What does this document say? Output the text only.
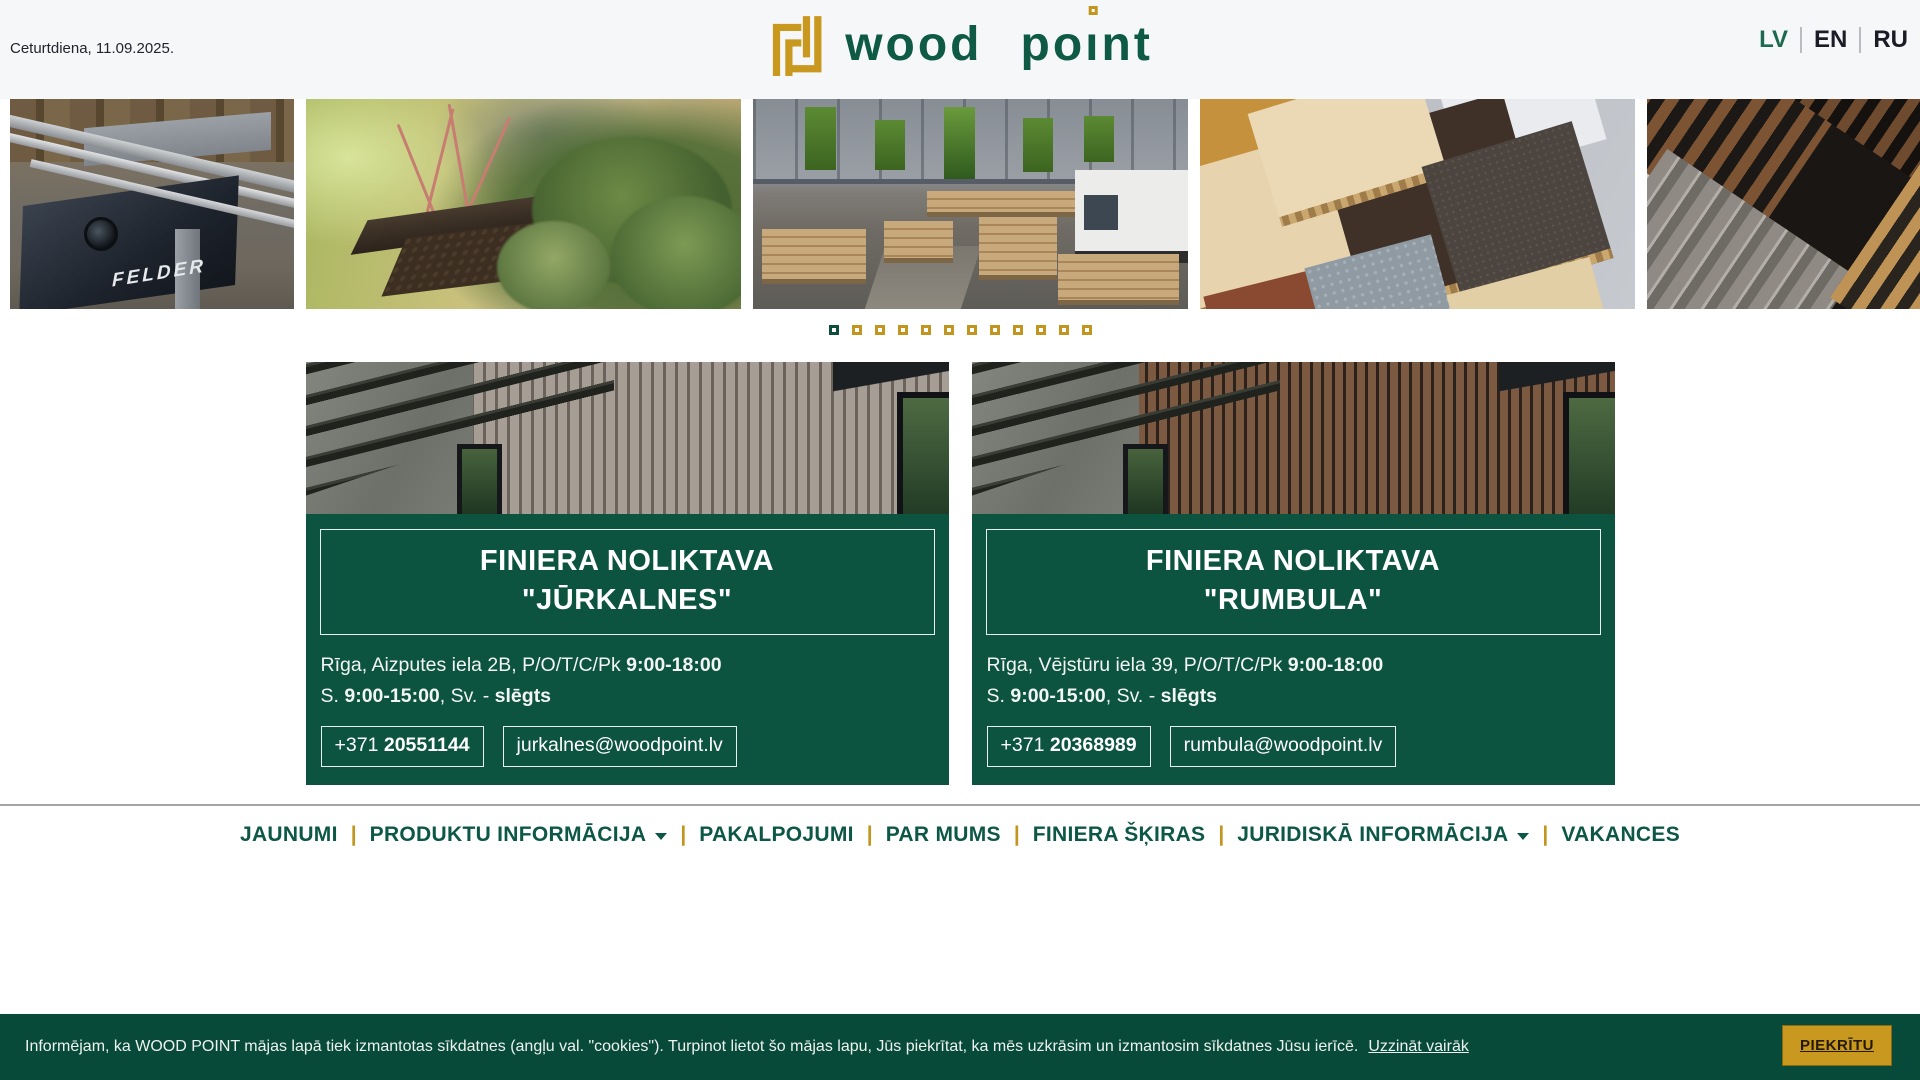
Ceturtdiena, 11.09.2025.	wood poı
nt	LV EN RU
FELDER
FINIERA NOLIKTAVA
"JŪRKALNES"
Rīga, Aizputes iela 2B, P/O/T/C/Pk 9:00-18:00
S. 9:00-15:00, Sv. - slēgts
+371 20551144	jurkalnes@woodpoint.lv
FINIERA NOLIKTAVA
"RUMBULA"
Rīga, Vējstūru iela 39, P/O/T/C/Pk 9:00-18:00
S. 9:00-15:00, Sv. - slēgts
+371 20368989	rumbula@woodpoint.lv
JAUNUMI | PRODUKTU INFORMĀCIJA	| PAKALPOJUMI | PAR MUMS | FINIERA ŠĶIRAS | JURIDISKĀ INFORMĀCIJA	| VAKANCES
Informējam, ka WOOD POINT mājas lapā tiek izmantotas sīkdatnes (angļu val. "cookies"). Turpinot lietot šo mājas lapu, Jūs piekrītat, ka mēs uzkrāsim un izmantosim sīkdatnes Jūsu ierīcē. Uzzināt vairāk	PIEKRĪTU
